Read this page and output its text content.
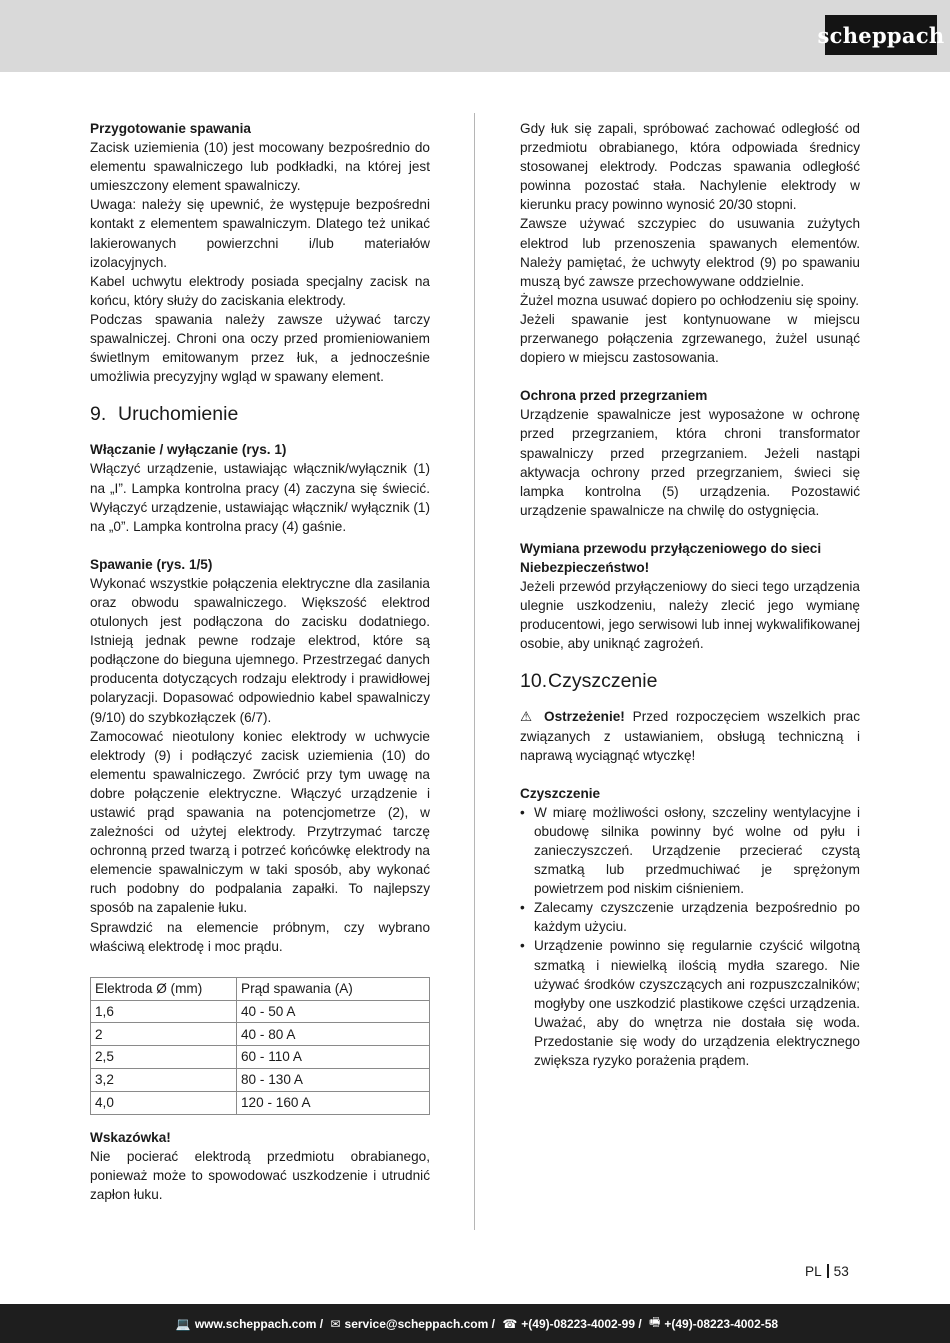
scheppach

Przygotowanie spawania

Zacisk uziemienia (10) jest mocowany bezpośrednio do elementu spawalniczego lub podkładki, na której jest umieszczony element spawalniczy.

Uwaga: należy się upewnić, że występuje bezpośredni kontakt z elementem spawalniczym. Dlatego też unikać lakierowanych powierzchni i/lub materiałów izolacyjnych.

Kabel uchwytu elektrody posiada specjalny zacisk na końcu, który służy do zaciskania elektrody.

Podczas spawania należy zawsze używać tarczy spawalniczej. Chroni ona oczy przed promieniowaniem świetlnym emitowanym przez łuk, a jednocześnie umożliwia precyzyjny wgląd w spawany element.

9. Uruchomienie

Włączanie / wyłączanie (rys. 1)

Włączyć urządzenie, ustawiając włącznik/wyłącznik (1) na „I”. Lampka kontrolna pracy (4) zaczyna się świecić. Wyłączyć urządzenie, ustawiając włącznik/ wyłącznik (1) na „0”. Lampka kontrolna pracy (4) gaśnie.

Spawanie (rys. 1/5)

Wykonać wszystkie połączenia elektryczne dla zasilania oraz obwodu spawalniczego. Większość elektrod otulonych jest podłączona do zacisku dodatniego. Istnieją jednak pewne rodzaje elektrod, które są podłączone do bieguna ujemnego. Przestrzegać danych producenta dotyczących rodzaju elektrody i prawidłowej polaryzacji. Dopasować odpowiednio kabel spawalniczy (9/10) do szybkozłączek (6/7).

Zamocować nieotulony koniec elektrody w uchwycie elektrody (9) i podłączyć zacisk uziemienia (10) do elementu spawalniczego. Zwrócić przy tym uwagę na dobre połączenie elektryczne. Włączyć urządzenie i ustawić prąd spawania na potencjometrze (2), w zależności od użytej elektrody. Przytrzymać tarczę ochronną przed twarzą i potrzeć końcówkę elektrody na elemencie spawalniczym w taki sposób, aby wykonać ruch podobny do podpalania zapałki. To najlepszy sposób na zapalenie łuku.

Sprawdzić na elemencie próbnym, czy wybrano właściwą elektrodę i moc prądu.

Elektroda Ø (mm)	Prąd spawania (A)
1,6	40 - 50 A
2	40 - 80 A
2,5	60 - 110 A
3,2	80 - 130 A
4,0	120 - 160 A

Wskazówka!

Nie pocierać elektrodą przedmiotu obrabianego, ponieważ może to spowodować uszkodzenie i utrudnić zapłon łuku.

Gdy łuk się zapali, spróbować zachować odległość od przedmiotu obrabianego, która odpowiada średnicy stosowanej elektrody. Podczas spawania odległość powinna pozostać stała. Nachylenie elektrody w kierunku pracy powinno wynosić 20/30 stopni.

Zawsze używać szczypiec do usuwania zużytych elektrod lub przenoszenia spawanych elementów. Należy pamiętać, że uchwyty elektrod (9) po spawaniu muszą być zawsze przechowywane oddzielnie.

Żużel mozna usuwać dopiero po ochłodzeniu się spoiny.

Jeżeli spawanie jest kontynuowane w miejscu przerwanego połączenia zgrzewanego, żużel usunąć dopiero w miejscu zastosowania.

Ochrona przed przegrzaniem

Urządzenie spawalnicze jest wyposażone w ochronę przed przegrzaniem, która chroni transformator spawalniczy przed przegrzaniem. Jeżeli nastąpi aktywacja ochrony przed przegrzaniem, świeci się lampka kontrolna (5) urządzenia. Pozostawić urządzenie spawalnicze na chwilę do ostygnięcia.

Wymiana przewodu przyłączeniowego do sieci

Niebezpieczeństwo!

Jeżeli przewód przyłączeniowy do sieci tego urządzenia ulegnie uszkodzeniu, należy zlecić jego wymianę producentowi, jego serwisowi lub innej wykwalifikowanej osobie, aby uniknąć zagrożeń.

10.Czyszczenie

⚠ Ostrzeżenie! Przed rozpoczęciem wszelkich prac związanych z ustawianiem, obsługą techniczną i naprawą wyciągnąć wtyczkę!

Czyszczenie

• W miarę możliwości osłony, szczeliny wentylacyjne i obudowę silnika powinny być wolne od pyłu i zanieczyszczeń. Urządzenie przecierać czystą szmatką lub przedmuchiwać je sprężonym powietrzem pod niskim ciśnieniem.
• Zalecamy czyszczenie urządzenia bezpośrednio po każdym użyciu.
• Urządzenie powinno się regularnie czyścić wilgotną szmatką i niewielką ilością mydła szarego. Nie używać środków czyszczących ani rozpuszczalników; mogłyby one uszkodzić plastikowe części urządzenia. Uważać, aby do wnętrza nie dostała się woda. Przedostanie się wody do urządzenia elektrycznego zwiększa ryzyko porażenia prądem.
PL 53
💻 www.scheppach.com / ✉ service@scheppach.com / ☎ +(49)-08223-4002-99 / 🖷 +(49)-08223-4002-58
